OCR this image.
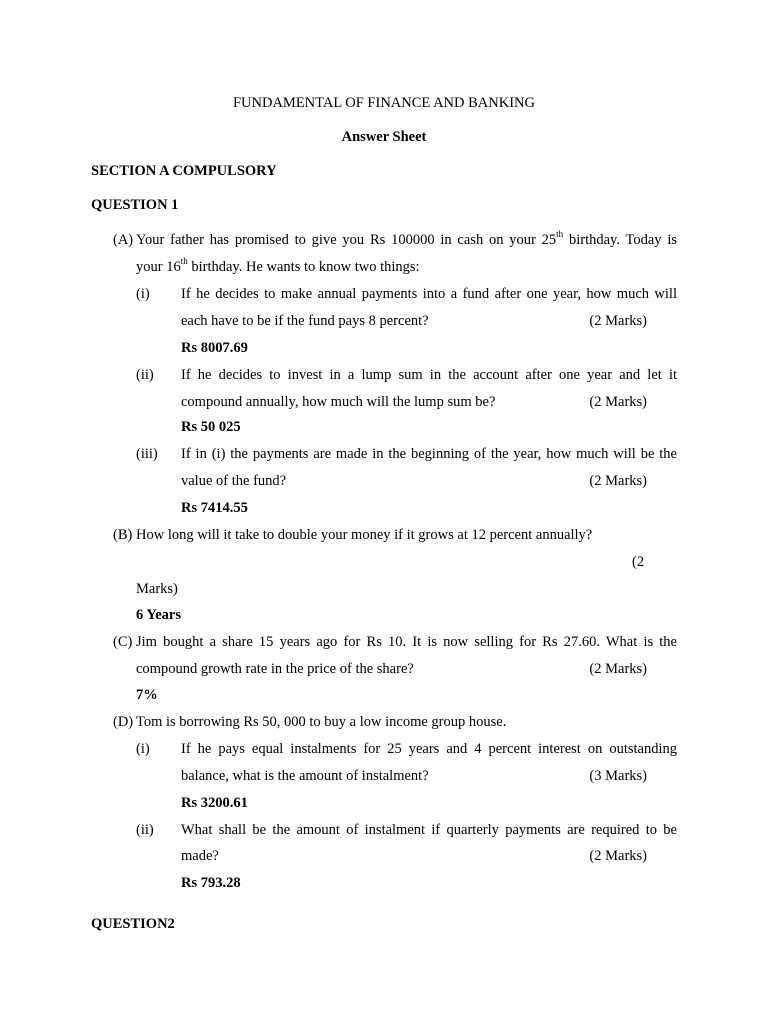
FUNDAMENTAL OF FINANCE AND BANKING
Answer Sheet
SECTION A COMPULSORY
QUESTION 1
(A) Your father has promised to give you Rs 100000 in cash on your 25th birthday. Today is
your 16th birthday. He wants to know two things:
(i) If he decides to make annual payments into a fund after one year, how much will
each have to be if the fund pays 8 percent?	(2 Marks)
Rs 8007.69
(ii) If he decides to invest in a lump sum in the account after one year and let it
compound annually, how much will the lump sum be?	(2 Marks)
Rs 50 025
(iii) If in (i) the payments are made in the beginning of the year, how much will be the
value of the fund?	(2 Marks)
Rs 7414.55
(B) How long will it take to double your money if it grows at 12 percent annually?
(2
Marks)
6 Years
(C) Jim bought a share 15 years ago for Rs 10. It is now selling for Rs 27.60. What is the
compound growth rate in the price of the share?	(2 Marks)
7%
(D) Tom is borrowing Rs 50, 000 to buy a low income group house.
(i) If he pays equal instalments for 25 years and 4 percent interest on outstanding
balance, what is the amount of instalment?	(3 Marks)
Rs 3200.61
(ii) What shall be the amount of instalment if quarterly payments are required to be
made?	(2 Marks)
Rs 793.28
QUESTION2
